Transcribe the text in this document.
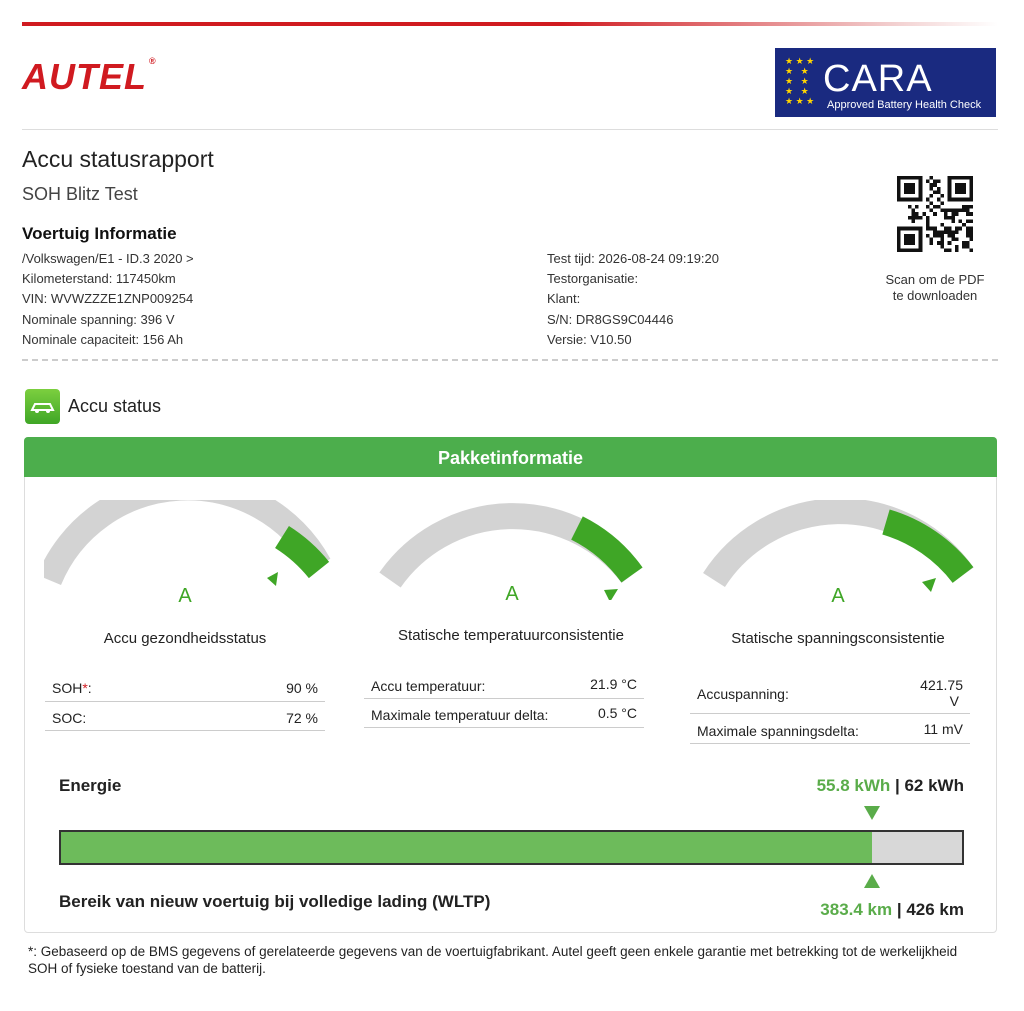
AUTEL ®	★ ★ ★
★   ★
★   ★
★   ★
★ ★ ★
CARA
Approved Battery Health Check
Accu statusrapport
SOH Blitz Test
Voertuig Informatie
/Volkswagen/E1 - ID.3 2020 >
Kilometerstand: 117450km
VIN: WVWZZZE1ZNP009254
Nominale spanning: 396 V
Nominale capaciteit: 156 Ah
Test tijd: 2026-08-24 09:19:20
Testorganisatie:
Klant:
S/N: DR8GS9C04446
Versie: V10.50
Scan om de PDF
te downloaden
Accu status
Pakketinformatie
A
Accu gezondheidsstatus
A
Statische temperatuurconsistentie
A
Statische spanningsconsistentie
SOH*:	90 %
SOC:	72 %
Accu temperatuur:	21.9 °C
Maximale temperatuur delta:	0.5 °C
Accuspanning:
421.75
V
Maximale spanningsdelta:	11 mV
Energie	55.8 kWh | 62 kWh
Bereik van nieuw voertuig bij volledige lading (WLTP)	383.4 km | 426 km
*: Gebaseerd op de BMS gegevens of gerelateerde gegevens van de voertuigfabrikant. Autel geeft geen enkele garantie met betrekking tot de werkelijkheid SOH of fysieke toestand van de batterij.
